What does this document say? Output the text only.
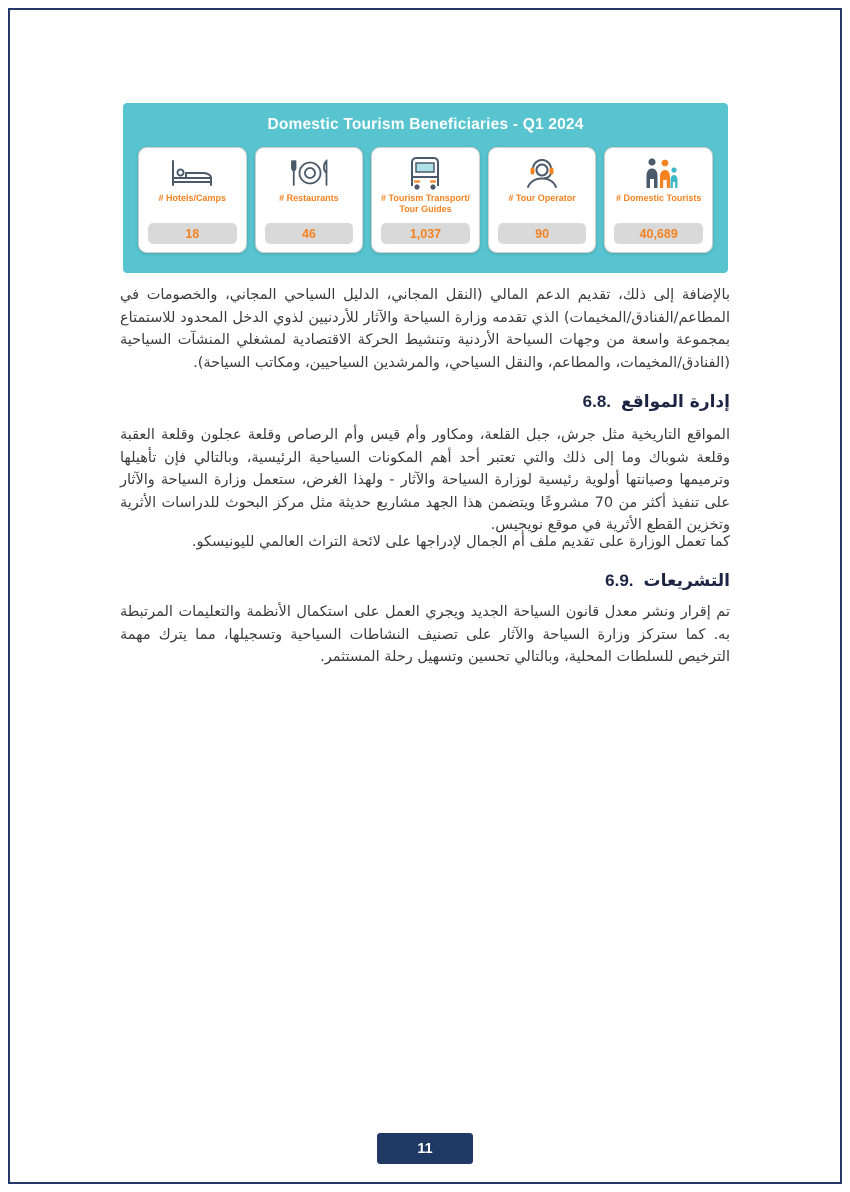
Domestic Tourism Beneficiaries - Q1 2024
# Hotels/Camps
18
# Restaurants
46
# Tourism Transport/ Tour Guides
1,037
# Tour Operator
90
# Domestic Tourists
40,689

بالإضافة إلى ذلك، تقديم الدعم المالي (النقل المجاني، الدليل السياحي المجاني، والخصومات في المطاعم/الفنادق/المخيمات) الذي تقدمه وزارة السياحة والآثار للأردنيين لذوي الدخل المحدود للاستمتاع بمجموعة واسعة من وجهات السياحة الأردنية وتنشيط الحركة الاقتصادية لمشغلي المنشآت السياحية (الفنادق/المخيمات، والمطاعم، والنقل السياحي، والمرشدين السياحيين، ومكاتب السياحة).

6.8. إدارة المواقع

المواقع التاريخية مثل جرش، جبل القلعة، ومكاور وأم قيس وأم الرصاص وقلعة عجلون وقلعة العقبة وقلعة شوباك وما إلى ذلك والتي تعتبر أحد أهم المكونات السياحية الرئيسية، وبالتالي فإن تأهيلها وترميمها وصيانتها أولوية رئيسية لوزارة السياحة والآثار - ولهذا الغرض، ستعمل وزارة السياحة والآثار على تنفيذ أكثر من 70 مشروعًا ويتضمن هذا الجهد مشاريع حديثة مثل مركز البحوث للدراسات الأثرية وتخزين القطع الأثرية في موقع نويجيس.

كما تعمل الوزارة على تقديم ملف أم الجمال لإدراجها على لائحة التراث العالمي لليونيسكو.

6.9. التشريعات

تم إقرار ونشر معدل قانون السياحة الجديد ويجري العمل على استكمال الأنظمة والتعليمات المرتبطة به. كما ستركز وزارة السياحة والآثار على تصنيف النشاطات السياحية وتسجيلها، مما يترك مهمة الترخيص للسلطات المحلية، وبالتالي تحسين وتسهيل رحلة المستثمر.

11
